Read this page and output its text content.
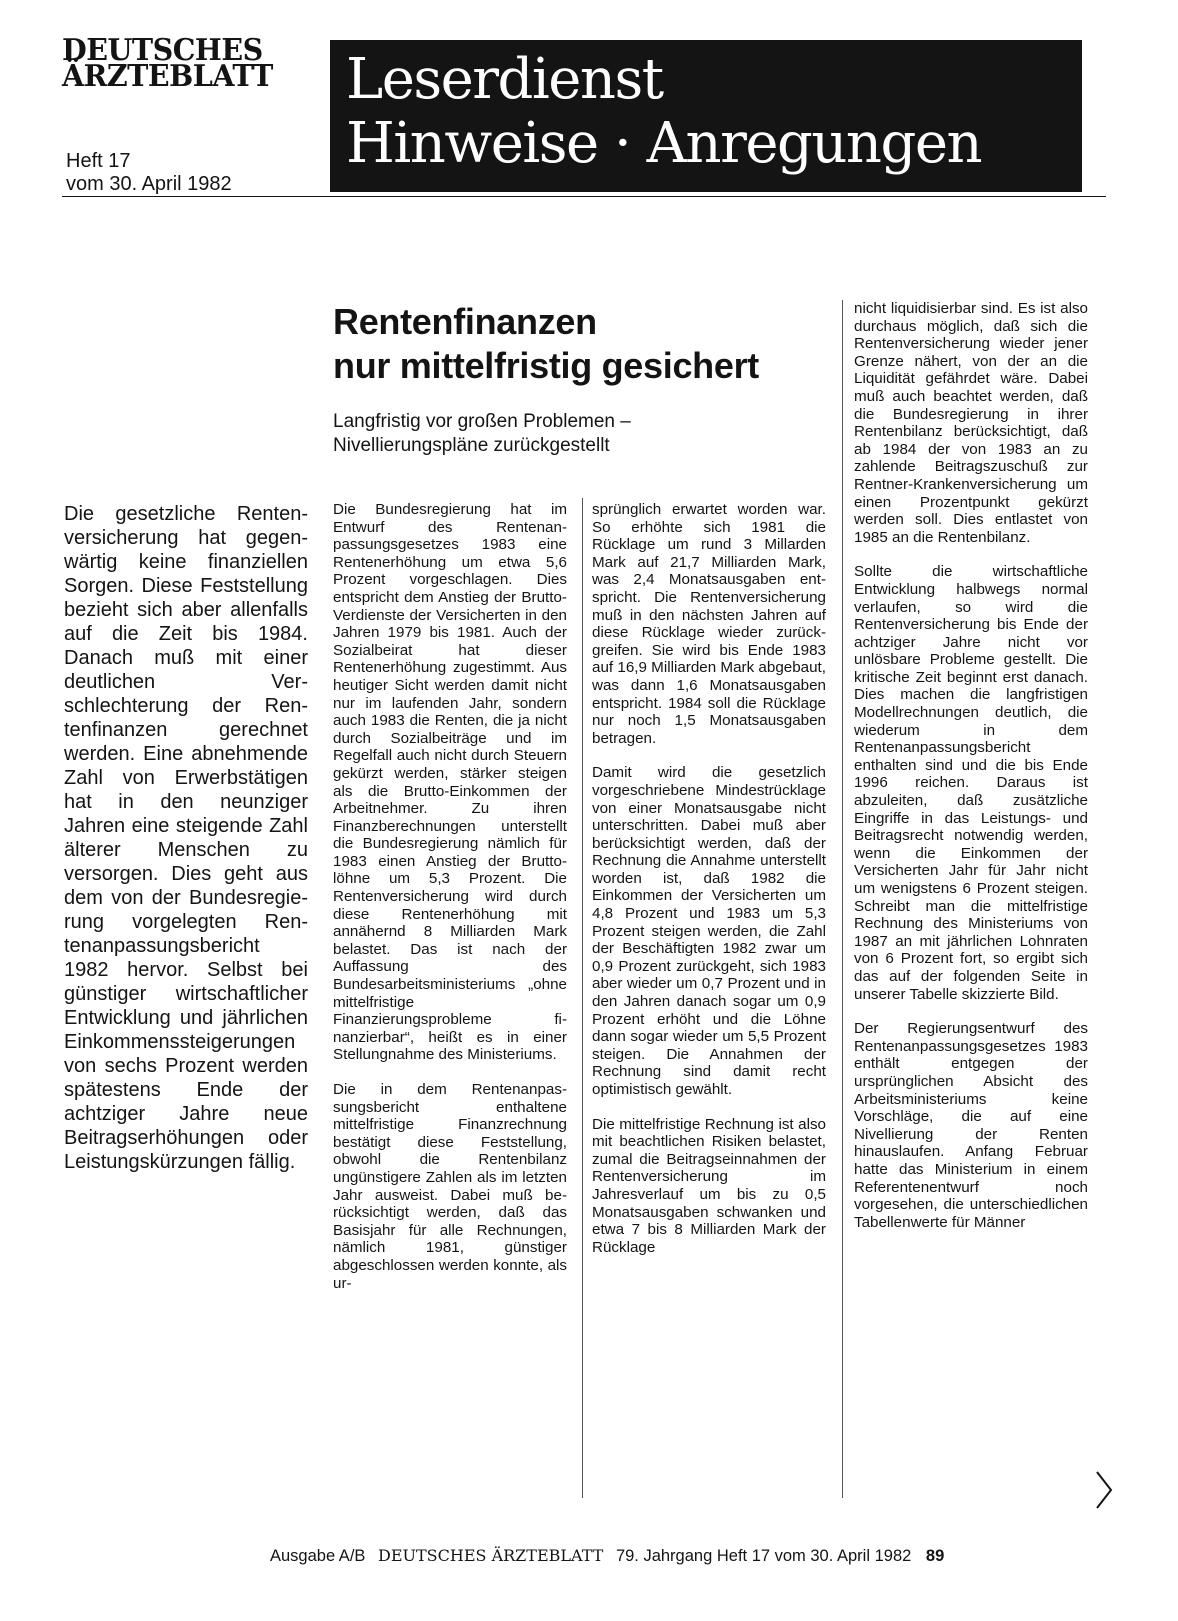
DEUTSCHES
ÄRZTEBLATT
Heft 17
vom 30. April 1982
Leserdienst
Hinweise · Anregungen
Rentenfinanzen
nur mittelfristig gesichert
Langfristig vor großen Problemen –
Nivellierungspläne zurückgestellt
Die gesetzliche Rentenversicherung hat gegenwärtig keine finanziellen Sorgen. Diese Feststellung bezieht sich aber allenfalls auf die Zeit bis 1984. Danach muß mit einer deutlichen Verschlechterung der Rentenfinanzen gerechnet werden. Eine abnehmende Zahl von Erwerbstätigen hat in den neunziger Jahren eine steigende Zahl älterer Menschen zu versorgen. Dies geht aus dem von der Bundesregierung vorgelegten Rentenanpassungsbericht 1982 hervor. Selbst bei günstiger wirtschaftlicher Entwicklung und jährlichen Einkommenssteigerungen von sechs Prozent werden spätestens Ende der achtziger Jahre neue Beitragserhöhungen oder Leistungskürzungen fällig.

Die Bundesregierung hat im Entwurf des Rentenanpassungsgesetzes 1983 eine Rentenerhöhung um etwa 5,6 Prozent vorgeschlagen. Dies entspricht dem Anstieg der Brutto-Verdienste der Versicherten in den Jahren 1979 bis 1981. Auch der Sozialbeirat hat dieser Rentenerhöhung zugestimmt. Aus heutiger Sicht werden damit nicht nur im laufenden Jahr, sondern auch 1983 die Renten, die ja nicht durch Sozialbeiträge und im Regelfall auch nicht durch Steuern gekürzt werden, stärker steigen als die Brutto-Einkommen der Arbeitnehmer. Zu ihren Finanzberechnungen unterstellt die Bundesregierung nämlich für 1983 einen Anstieg der Bruttolöhne um 5,3 Prozent. Die Rentenversicherung wird durch diese Rentenerhöhung mit annähernd 8 Milliarden Mark belastet. Das ist nach der Auffassung des Bundesarbeitsministeriums „ohne mittelfristige Finanzierungsprobleme finanzierbar“, heißt es in einer Stellungnahme des Ministeriums.

Die in dem Rentenanpassungsbericht enthaltene mittelfristige Finanzrechnung bestätigt diese Feststellung, obwohl die Rentenbilanz ungünstigere Zahlen als im letzten Jahr ausweist. Dabei muß berücksichtigt werden, daß das Basisjahr für alle Rechnungen, nämlich 1981, günstiger abgeschlossen werden konnte, als ur-

sprünglich erwartet worden war. So erhöhte sich 1981 die Rücklage um rund 3 Millarden Mark auf 21,7 Milliarden Mark, was 2,4 Monatsausgaben entspricht. Die Rentenversicherung muß in den nächsten Jahren auf diese Rücklage wieder zurückgreifen. Sie wird bis Ende 1983 auf 16,9 Milliarden Mark abgebaut, was dann 1,6 Monatsausgaben entspricht. 1984 soll die Rücklage nur noch 1,5 Monatsausgaben betragen.

Damit wird die gesetzlich vorgeschriebene Mindestrücklage von einer Monatsausgabe nicht unterschritten. Dabei muß aber berücksichtigt werden, daß der Rechnung die Annahme unterstellt worden ist, daß 1982 die Einkommen der Versicherten um 4,8 Prozent und 1983 um 5,3 Prozent steigen werden, die Zahl der Beschäftigten 1982 zwar um 0,9 Prozent zurückgeht, sich 1983 aber wieder um 0,7 Prozent und in den Jahren danach sogar um 0,9 Prozent erhöht und die Löhne dann sogar wieder um 5,5 Prozent steigen. Die Annahmen der Rechnung sind damit recht optimistisch gewählt.

Die mittelfristige Rechnung ist also mit beachtlichen Risiken belastet, zumal die Beitragseinnahmen der Rentenversicherung im Jahresverlauf um bis zu 0,5 Monatsausgaben schwanken und etwa 7 bis 8 Milliarden Mark der Rücklage

nicht liquidisierbar sind. Es ist also durchaus möglich, daß sich die Rentenversicherung wieder jener Grenze nähert, von der an die Liquidität gefährdet wäre. Dabei muß auch beachtet werden, daß die Bundesregierung in ihrer Rentenbilanz berücksichtigt, daß ab 1984 der von 1983 an zu zahlende Beitragszuschuß zur Rentner-Krankenversicherung um einen Prozentpunkt gekürzt werden soll. Dies entlastet von 1985 an die Rentenbilanz.

Sollte die wirtschaftliche Entwicklung halbwegs normal verlaufen, so wird die Rentenversicherung bis Ende der achtziger Jahre nicht vor unlösbare Probleme gestellt. Die kritische Zeit beginnt erst danach. Dies machen die langfristigen Modellrechnungen deutlich, die wiederum in dem Rentenanpassungsbericht enthalten sind und die bis Ende 1996 reichen. Daraus ist abzuleiten, daß zusätzliche Eingriffe in das Leistungs- und Beitragsrecht notwendig werden, wenn die Einkommen der Versicherten Jahr für Jahr nicht um wenigstens 6 Prozent steigen. Schreibt man die mittelfristige Rechnung des Ministeriums von 1987 an mit jährlichen Lohnraten von 6 Prozent fort, so ergibt sich das auf der folgenden Seite in unserer Tabelle skizzierte Bild.

Der Regierungsentwurf des Rentenanpassungsgesetzes 1983 enthält entgegen der ursprünglichen Absicht des Arbeitsministeriums keine Vorschläge, die auf eine Nivellierung der Renten hinauslaufen. Anfang Februar hatte das Ministerium in einem Referentenentwurf noch vorgesehen, die unterschiedlichen Tabellenwerte für Männer

Ausgabe A/B DEUTSCHES ÄRZTEBLATT 79. Jahrgang Heft 17 vom 30. April 1982 89
